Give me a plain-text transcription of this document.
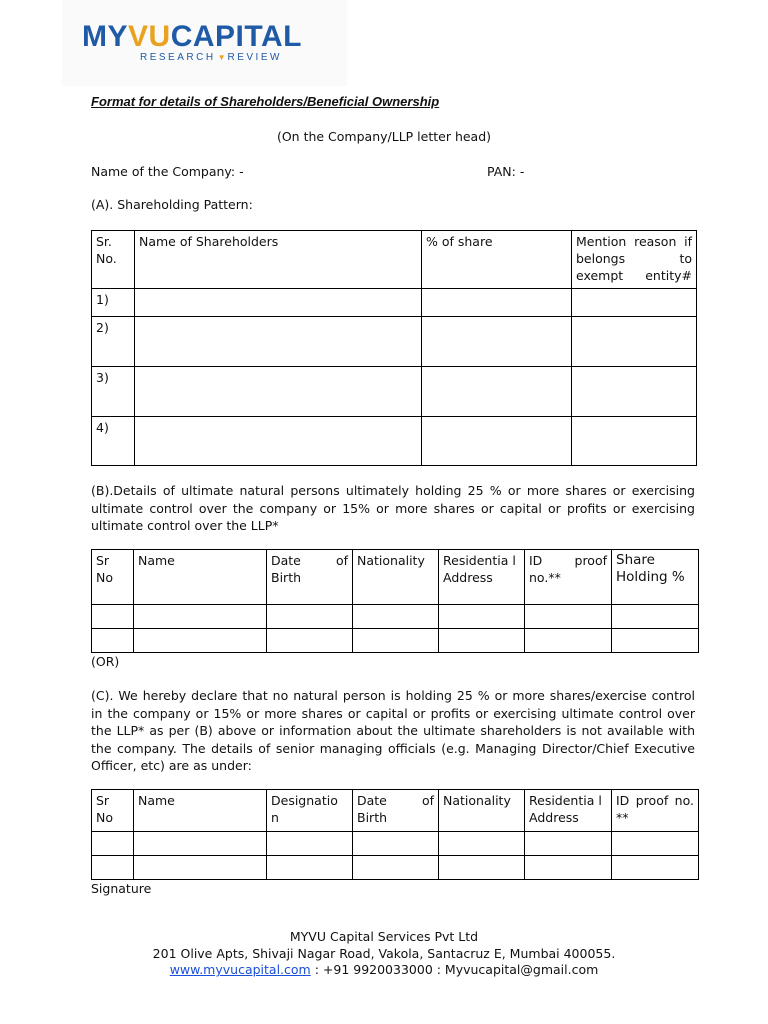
MYVUCAPITAL
RESEARCH ▼ REVIEW
Format for details of Shareholders/Beneficial Ownership
(On the Company/LLP letter head)
Name of the Company: -	PAN: -
(A). Shareholding Pattern:
Sr. No.	Name of Shareholders	% of share	Mention reason if belongs to exempt entity#
1)			
2)			
3)			
4)			
(B).Details of ultimate natural persons ultimately holding 25 % or more shares or exercising ultimate control over the company or 15% or more shares or capital or profits or exercising ultimate control over the LLP*
Sr No	Name	Date of Birth	Nationality	Residentia l Address	ID proof no.**	Share Holding %

(OR)
(C). We hereby declare that no natural person is holding 25 % or more shares/exercise control in the company or 15% or more shares or capital or profits or exercising ultimate control over the LLP* as per (B) above or information about the ultimate shareholders is not available with the company. The details of senior managing officials (e.g. Managing Director/Chief Executive Officer, etc) are as under:
Sr No	Name	Designatio n	Date of Birth	Nationality	Residentia l Address	ID proof no. **

Signature
MYVU Capital Services Pvt Ltd
201 Olive Apts, Shivaji Nagar Road, Vakola, Santacruz E, Mumbai 400055.
www.myvucapital.com : +91 9920033000 : Myvucapital@gmail.com
